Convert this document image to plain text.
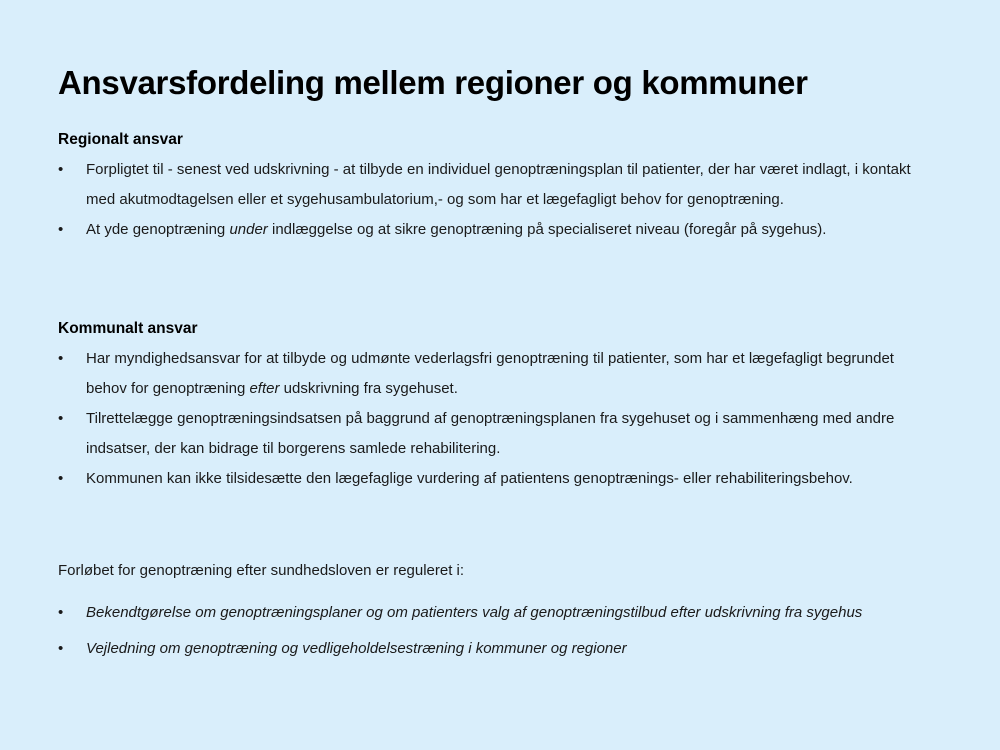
Ansvarsfordeling mellem regioner og kommuner
Regionalt ansvar
• Forpligtet til - senest ved udskrivning - at tilbyde en individuel genoptræningsplan til patienter, der har været indlagt, i kontakt med akutmodtagelsen eller et sygehusambulatorium,- og som har et lægefagligt behov for genoptræning.
• At yde genoptræning under indlæggelse og at sikre genoptræning på specialiseret niveau (foregår på sygehus).
Kommunalt ansvar
• Har myndighedsansvar for at tilbyde og udmønte vederlagsfri genoptræning til patienter, som har et lægefagligt begrundet behov for genoptræning efter udskrivning fra sygehuset.
• Tilrettelægge genoptræningsindsatsen på baggrund af genoptræningsplanen fra sygehuset og i sammenhæng med andre indsatser, der kan bidrage til borgerens samlede rehabilitering.
• Kommunen kan ikke tilsidesætte den lægefaglige vurdering af patientens genoptrænings- eller rehabiliteringsbehov.

Forløbet for genoptræning efter sundhedsloven er reguleret i:

• Bekendtgørelse om genoptræningsplaner og om patienters valg af genoptræningstilbud efter udskrivning fra sygehus
• Vejledning om genoptræning og vedligeholdelsestræning i kommuner og regioner
